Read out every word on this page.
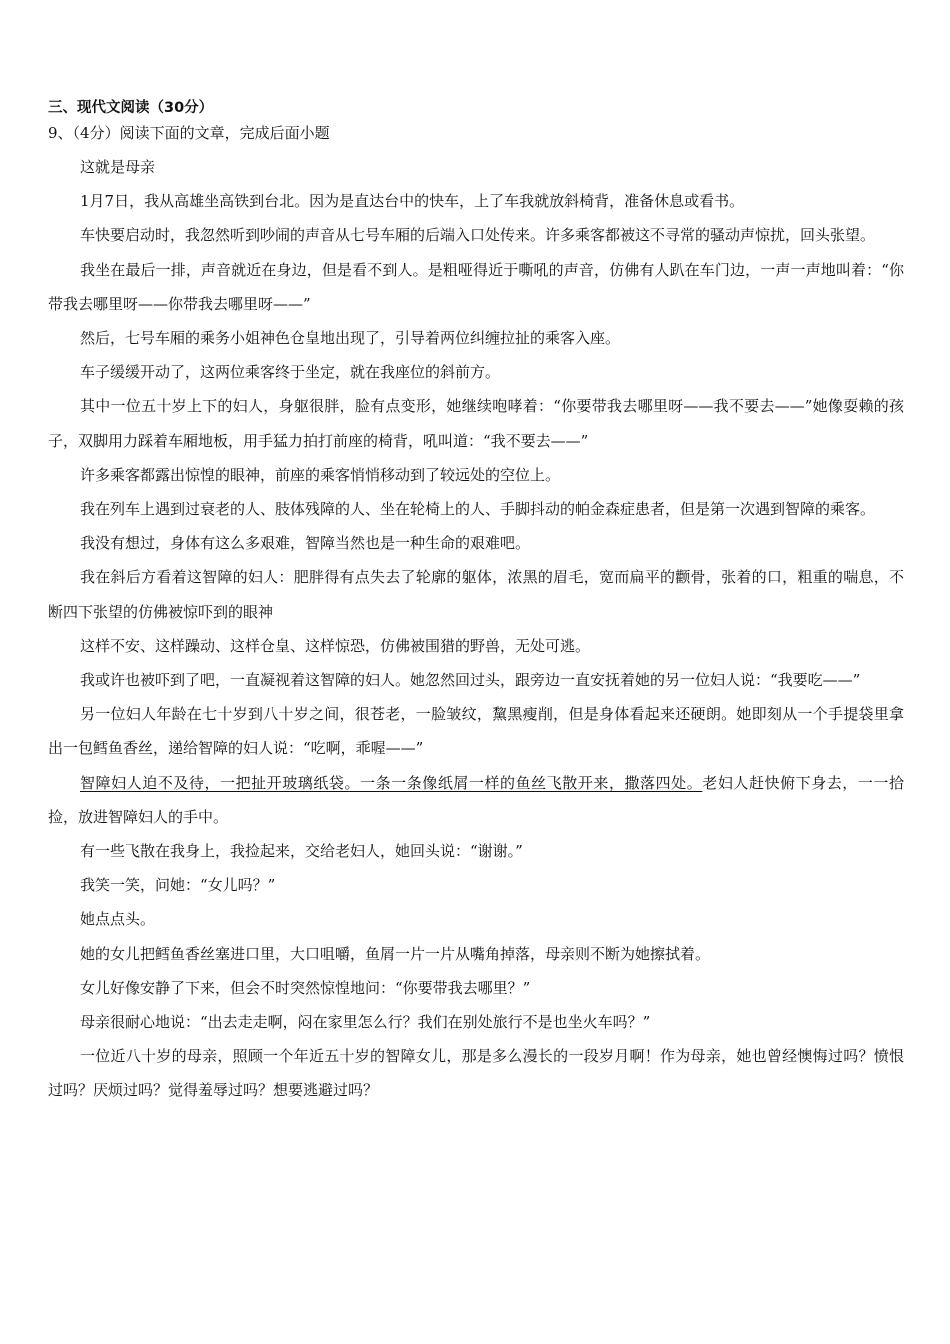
三、现代文阅读（30分）
9、（4分）阅读下面的文章，完成后面小题
这就是母亲
1月7日，我从高雄坐高铁到台北。因为是直达台中的快车，上了车我就放斜椅背，准备休息或看书。
车快要启动时，我忽然听到吵闹的声音从七号车厢的后端入口处传来。许多乘客都被这不寻常的骚动声惊扰，回头张望。
我坐在最后一排，声音就近在身边，但是看不到人。是粗哑得近于嘶吼的声音，仿佛有人趴在车门边，一声一声地叫着：“你带我去哪里呀——你带我去哪里呀——”
然后，七号车厢的乘务小姐神色仓皇地出现了，引导着两位纠缠拉扯的乘客入座。
车子缓缓开动了，这两位乘客终于坐定，就在我座位的斜前方。
其中一位五十岁上下的妇人，身躯很胖，脸有点变形，她继续咆哮着：“你要带我去哪里呀——我不要去——”她像耍赖的孩子，双脚用力踩着车厢地板，用手猛力拍打前座的椅背，吼叫道：“我不要去——”
许多乘客都露出惊惶的眼神，前座的乘客悄悄移动到了较远处的空位上。
我在列车上遇到过衰老的人、肢体残障的人、坐在轮椅上的人、手脚抖动的帕金森症患者，但是第一次遇到智障的乘客。
我没有想过，身体有这么多艰难，智障当然也是一种生命的艰难吧。
我在斜后方看着这智障的妇人：肥胖得有点失去了轮廓的躯体，浓黑的眉毛，宽而扁平的颧骨，张着的口，粗重的喘息，不断四下张望的仿佛被惊吓到的眼神
这样不安、这样躁动、这样仓皇、这样惊恐，仿佛被围猎的野兽，无处可逃。
我或许也被吓到了吧，一直凝视着这智障的妇人。她忽然回过头，跟旁边一直安抚着她的另一位妇人说：“我要吃——”
另一位妇人年龄在七十岁到八十岁之间，很苍老，一脸皱纹，黧黑瘦削，但是身体看起来还硬朗。她即刻从一个手提袋里拿出一包鳕鱼香丝，递给智障的妇人说：“吃啊，乖喔——”
智障妇人迫不及待，一把扯开玻璃纸袋。一条一条像纸屑一样的鱼丝飞散开来，撒落四处。老妇人赶快俯下身去，一一拾捡，放进智障妇人的手中。
有一些飞散在我身上，我捡起来，交给老妇人，她回头说：“谢谢。”
我笑一笑，问她：“女儿吗？”
她点点头。
她的女儿把鳕鱼香丝塞进口里，大口咀嚼，鱼屑一片一片从嘴角掉落，母亲则不断为她擦拭着。
女儿好像安静了下来，但会不时突然惊惶地问：“你要带我去哪里？”
母亲很耐心地说：“出去走走啊，闷在家里怎么行？我们在别处旅行不是也坐火车吗？”
一位近八十岁的母亲，照顾一个年近五十岁的智障女儿，那是多么漫长的一段岁月啊！作为母亲，她也曾经懊悔过吗？愤恨过吗？厌烦过吗？觉得羞辱过吗？想要逃避过吗？
